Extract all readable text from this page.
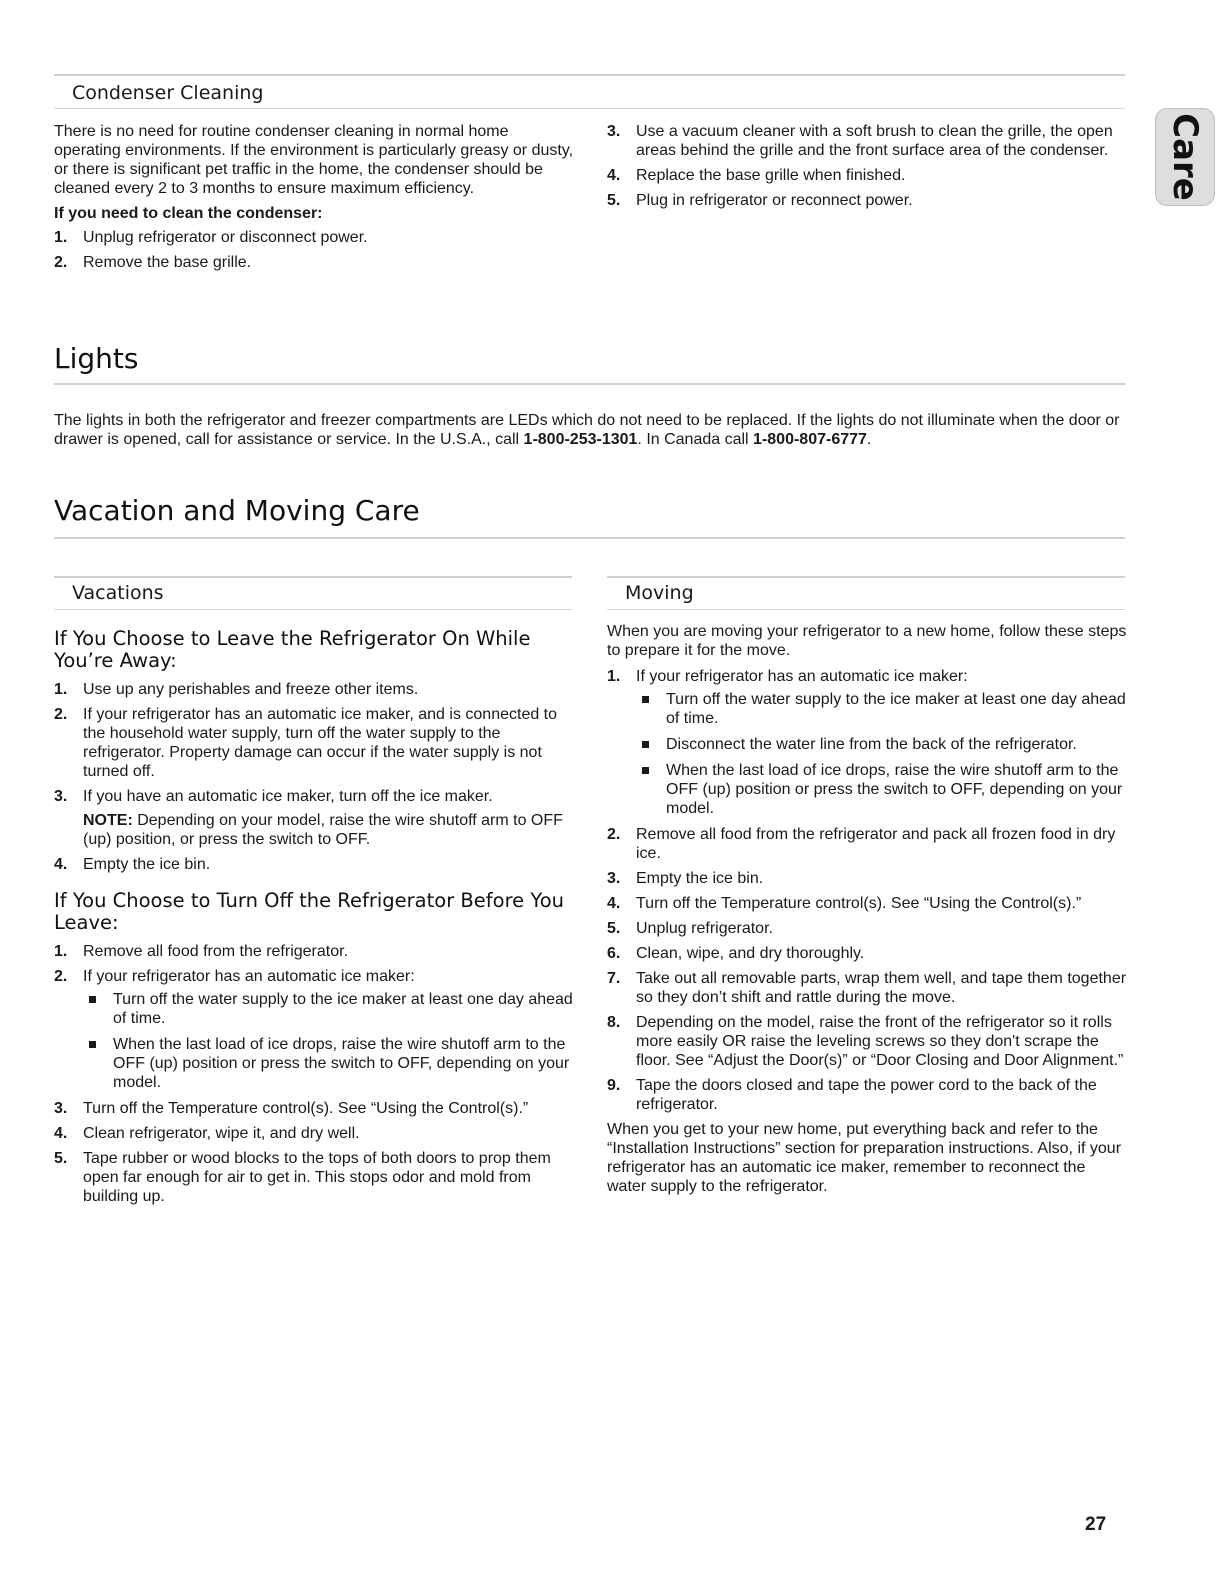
Care
Condenser Cleaning

There is no need for routine condenser cleaning in normal home operating environments. If the environment is particularly greasy or dusty, or there is significant pet traffic in the home, the condenser should be cleaned every 2 to 3 months to ensure maximum efficiency.

If you need to clean the condenser:

1. Unplug refrigerator or disconnect power.
2. Remove the base grille.
3. Use a vacuum cleaner with a soft brush to clean the grille, the open areas behind the grille and the front surface area of the condenser.
4. Replace the base grille when finished.
5. Plug in refrigerator or reconnect power.
Lights

The lights in both the refrigerator and freezer compartments are LEDs which do not need to be replaced. If the lights do not illuminate when the door or drawer is opened, call for assistance or service. In the U.S.A., call 1-800-253-1301. In Canada call 1-800-807-6777.

Vacation and Moving Care
Vacations
If You Choose to Leave the Refrigerator On While You’re Away:
1. Use up any perishables and freeze other items.
2. If your refrigerator has an automatic ice maker, and is connected to the household water supply, turn off the water supply to the refrigerator. Property damage can occur if the water supply is not turned off.
3. If you have an automatic ice maker, turn off the ice maker.
NOTE: Depending on your model, raise the wire shutoff arm to OFF (up) position, or press the switch to OFF.
4. Empty the ice bin.
If You Choose to Turn Off the Refrigerator Before You Leave:
1. Remove all food from the refrigerator.
2. If your refrigerator has an automatic ice maker:
Turn off the water supply to the ice maker at least one day ahead of time.
When the last load of ice drops, raise the wire shutoff arm to the OFF (up) position or press the switch to OFF, depending on your model.
3. Turn off the Temperature control(s). See “Using the Control(s).”
4. Clean refrigerator, wipe it, and dry well.
5. Tape rubber or wood blocks to the tops of both doors to prop them open far enough for air to get in. This stops odor and mold from building up.
Moving

When you are moving your refrigerator to a new home, follow these steps to prepare it for the move.

1. If your refrigerator has an automatic ice maker:
Turn off the water supply to the ice maker at least one day ahead of time.
Disconnect the water line from the back of the refrigerator.
When the last load of ice drops, raise the wire shutoff arm to the OFF (up) position or press the switch to OFF, depending on your model.
2. Remove all food from the refrigerator and pack all frozen food in dry ice.
3. Empty the ice bin.
4. Turn off the Temperature control(s). See “Using the Control(s).”
5. Unplug refrigerator.
6. Clean, wipe, and dry thoroughly.
7. Take out all removable parts, wrap them well, and tape them together so they don’t shift and rattle during the move.
8. Depending on the model, raise the front of the refrigerator so it rolls more easily OR raise the leveling screws so they don't scrape the floor. See “Adjust the Door(s)” or “Door Closing and Door Alignment.”
9. Tape the doors closed and tape the power cord to the back of the refrigerator.

When you get to your new home, put everything back and refer to the “Installation Instructions” section for preparation instructions. Also, if your refrigerator has an automatic ice maker, remember to reconnect the water supply to the refrigerator.

27
